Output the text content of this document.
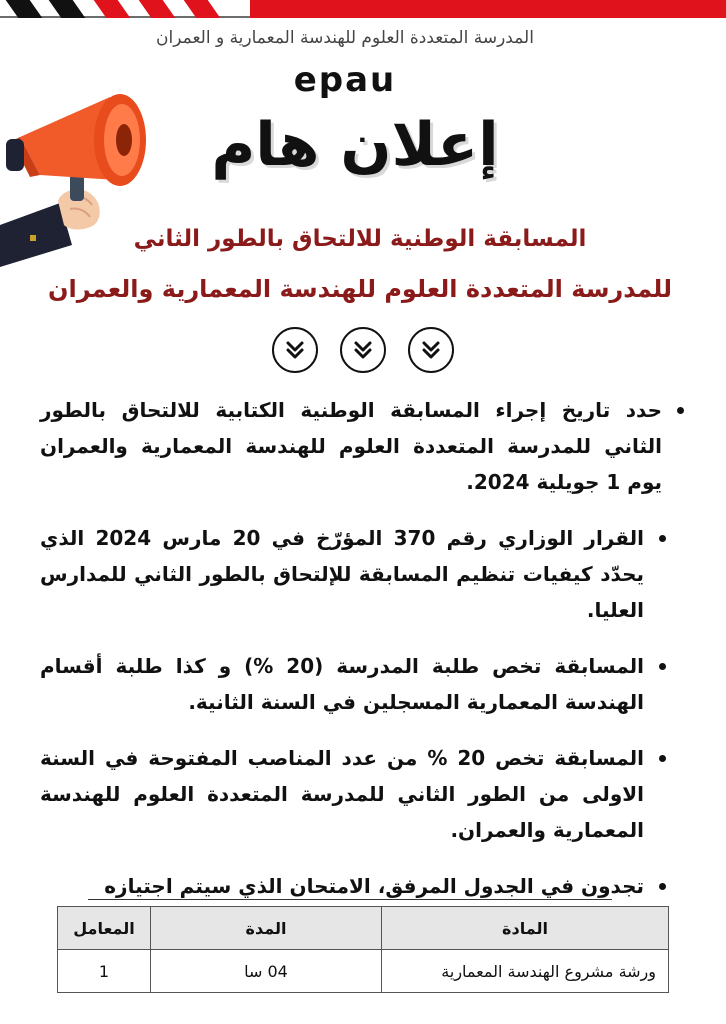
المدرسة المتعددة العلوم للهندسة المعمارية و العمران
epau
إعلان هام
المسابقة الوطنية للالتحاق بالطور الثاني
للمدرسة المتعددة العلوم للهندسة المعمارية والعمران
حدد تاريخ إجراء المسابقة الوطنية الكتابية للالتحاق بالطور الثاني للمدرسة المتعددة العلوم للهندسة المعمارية والعمران يوم 1 جويلية 2024.
القرار الوزاري رقم 370 المؤرّخ في 20 مارس 2024 الذي يحدّد كيفيات تنظيم المسابقة للإلتحاق بالطور الثاني للمدارس العليا.
المسابقة تخص طلبة المدرسة (20 %) و كذا طلبة أقسام الهندسة المعمارية المسجلين في السنة الثانية.
المسابقة تخص 20 % من عدد المناصب المفتوحة في السنة الاولى من الطور الثاني للمدرسة المتعددة العلوم للهندسة المعمارية والعمران.
تجدون في الجدول المرفق، الامتحان الذي سيتم اجتيازه
المادة	المدة	المعامل
ورشة مشروع الهندسة المعمارية	04 سا	1
